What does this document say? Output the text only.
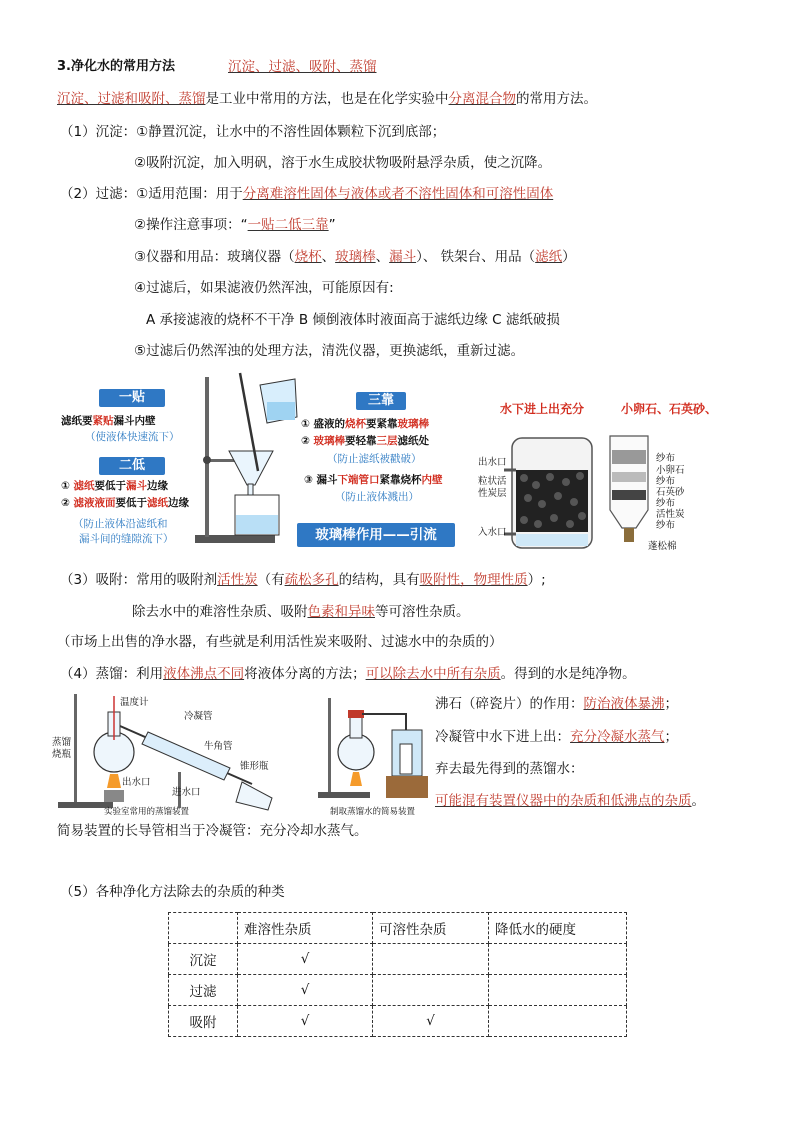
3.净化水的常用方法	沉淀、过滤、吸附、蒸馏
沉淀、过滤和吸附、蒸馏是工业中常用的方法，也是在化学实验中分离混合物的常用方法。
（1）沉淀：①静置沉淀，让水中的不溶性固体颗粒下沉到底部；
②吸附沉淀，加入明矾，溶于水生成胶状物吸附悬浮杂质，使之沉降。
（2）过滤：①适用范围：用于分离难溶性固体与液体或者不溶性固体和可溶性固体
②操作注意事项：“一贴二低三靠”
③仪器和用品：玻璃仪器（烧杯、玻璃棒、漏斗）、 铁架台、用品（滤纸）
④过滤后，如果滤液仍然浑浊，可能原因有:
A 承接滤液的烧杯不干净 B 倾倒液体时液面高于滤纸边缘 C 滤纸破损
⑤过滤后仍然浑浊的处理方法，清洗仪器，更换滤纸，重新过滤。
一贴
滤纸要紧贴漏斗内壁
（使液体快速流下）
二低
① 滤纸要低于漏斗边缘
② 滤液液面要低于滤纸边缘
（防止液体沿滤纸和
漏斗间的缝隙流下）
三靠
① 盛液的烧杯要紧靠玻璃棒
② 玻璃棒要轻靠三层滤纸处
（防止滤纸被戳破）
③ 漏斗下端管口紧靠烧杯内壁
（防止液体溅出）
玻璃棒作用——引流
水下进上出充分	小卵石、石英砂、
出水口
粒状活 性炭层
入水口
纱布
小卵石
纱布
石英砂
纱布
活性炭
纱布
蓬松棉
（3）吸附：常用的吸附剂活性炭（有疏松多孔的结构，具有吸附性，物理性质）;
除去水中的难溶性杂质、吸附色素和异味等可溶性杂质。
（市场上出售的净水器，有些就是利用活性炭来吸附、过滤水中的杂质的）
（4）蒸馏：利用液体沸点不同将液体分离的方法；可以除去水中所有杂质。得到的水是纯净物。
温度计
冷凝管
蒸馏 烧瓶
牛角管
出水口
进水口
锥形瓶
实验室常用的蒸馏装置	制取蒸馏水的简易装置
沸石（碎瓷片）的作用：防治液体暴沸；
冷凝管中水下进上出：充分冷凝水蒸气；
弃去最先得到的蒸馏水：
可能混有装置仪器中的杂质和低沸点的杂质。
简易装置的长导管相当于冷凝管：充分冷却水蒸气。
（5）各种净化方法除去的杂质的种类
	难溶性杂质	可溶性杂质	降低水的硬度
沉淀	√		
过滤	√		
吸附	√	√	
